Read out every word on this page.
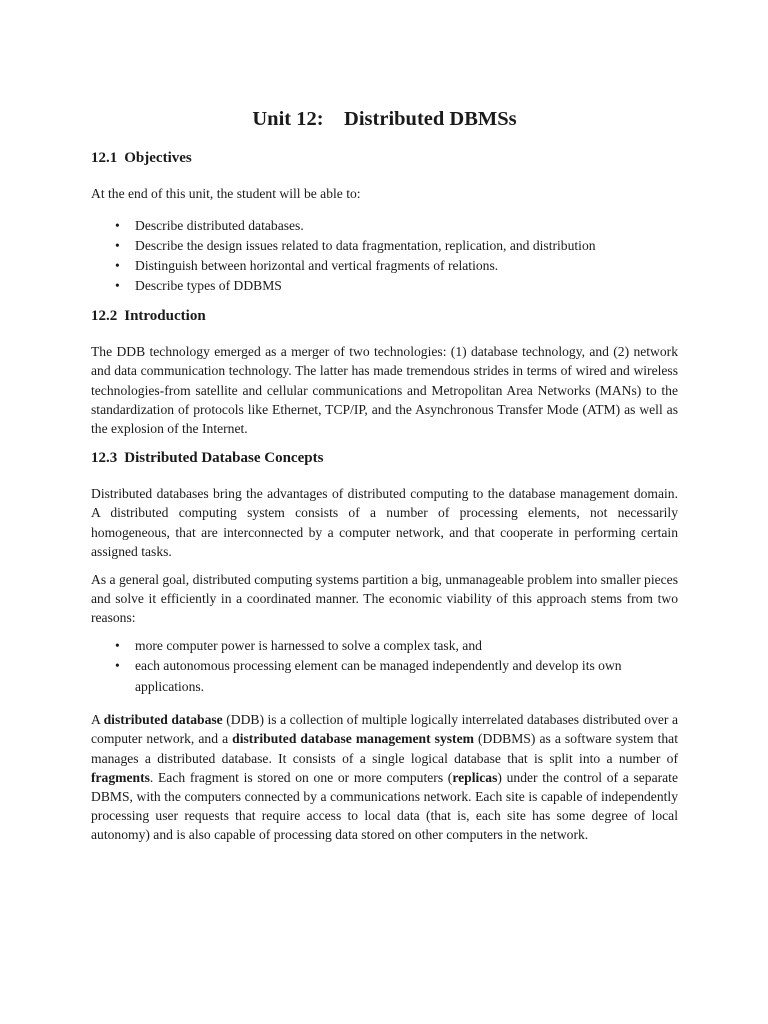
Unit 12:    Distributed DBMSs
12.1 Objectives

At the end of this unit, the student will be able to:

• Describe distributed databases.
• Describe the design issues related to data fragmentation, replication, and distribution
• Distinguish between horizontal and vertical fragments of relations.
• Describe types of DDBMS
12.2 Introduction

The DDB technology emerged as a merger of two technologies: (1) database technology, and (2) network and data communication technology. The latter has made tremendous strides in terms of wired and wireless technologies-from satellite and cellular communications and Metropolitan Area Networks (MANs) to the standardization of protocols like Ethernet, TCP/IP, and the Asynchronous Transfer Mode (ATM) as well as the explosion of the Internet.

12.3 Distributed Database Concepts

Distributed databases bring the advantages of distributed computing to the database management domain. A distributed computing system consists of a number of processing elements, not necessarily homogeneous, that are interconnected by a computer network, and that cooperate in performing certain assigned tasks.

As a general goal, distributed computing systems partition a big, unmanageable problem into smaller pieces and solve it efficiently in a coordinated manner. The economic viability of this approach stems from two reasons:

• more computer power is harnessed to solve a complex task, and
• each autonomous processing element can be managed independently and develop its own applications.

A distributed database (DDB) is a collection of multiple logically interrelated databases distributed over a computer network, and a distributed database management system (DDBMS) as a software system that manages a distributed database. It consists of a single logical database that is split into a number of fragments. Each fragment is stored on one or more computers (replicas) under the control of a separate DBMS, with the computers connected by a communications network. Each site is capable of independently processing user requests that require access to local data (that is, each site has some degree of local autonomy) and is also capable of processing data stored on other computers in the network.
